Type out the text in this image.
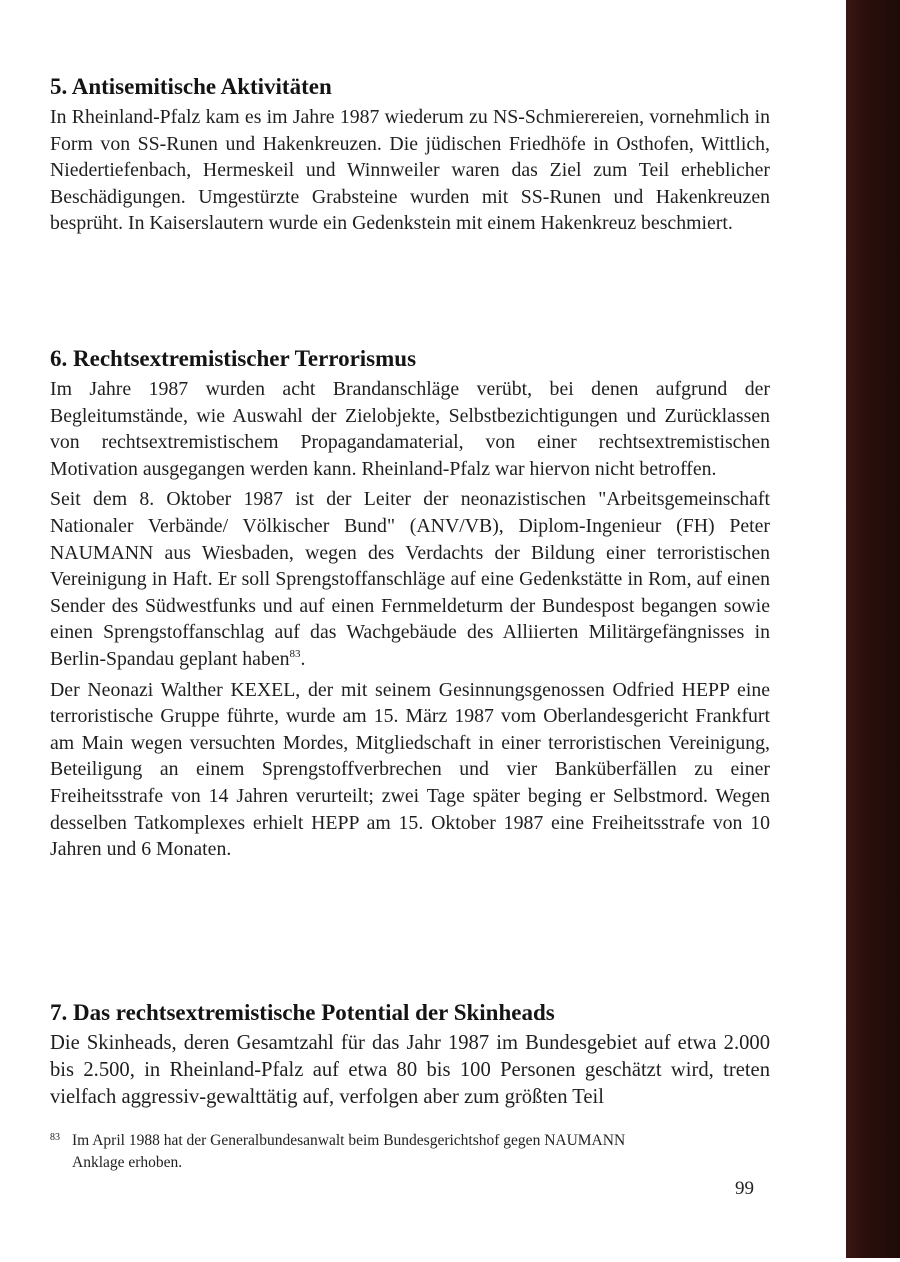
5. Antisemitische Aktivitäten

In Rheinland-Pfalz kam es im Jahre 1987 wiederum zu NS-Schmierereien, vornehmlich in Form von SS-Runen und Hakenkreuzen. Die jüdischen Friedhöfe in Osthofen, Wittlich, Niedertiefenbach, Hermeskeil und Winnweiler waren das Ziel zum Teil erheblicher Beschädigungen. Umgestürzte Grabsteine wurden mit SS-Runen und Hakenkreuzen besprüht. In Kaiserslautern wurde ein Gedenkstein mit einem Hakenkreuz beschmiert.

6. Rechtsextremistischer Terrorismus

Im Jahre 1987 wurden acht Brandanschläge verübt, bei denen aufgrund der Begleitumstände, wie Auswahl der Zielobjekte, Selbstbezichtigungen und Zurücklassen von rechtsextremistischem Propagandamaterial, von einer rechtsextremistischen Motivation ausgegangen werden kann. Rheinland-Pfalz war hiervon nicht betroffen.

Seit dem 8. Oktober 1987 ist der Leiter der neonazistischen "Arbeitsgemeinschaft Nationaler Verbände/ Völkischer Bund" (ANV/VB), Diplom-Ingenieur (FH) Peter NAUMANN aus Wiesbaden, wegen des Verdachts der Bildung einer terroristischen Vereinigung in Haft. Er soll Sprengstoffanschläge auf eine Gedenkstätte in Rom, auf einen Sender des Südwestfunks und auf einen Fernmeldeturm der Bundespost begangen sowie einen Sprengstoffanschlag auf das Wachgebäude des Alliierten Militärgefängnisses in Berlin-Spandau geplant haben$^{83}$.

Der Neonazi Walther KEXEL, der mit seinem Gesinnungsgenossen Odfried HEPP eine terroristische Gruppe führte, wurde am 15. März 1987 vom Oberlandesgericht Frankfurt am Main wegen versuchten Mordes, Mitgliedschaft in einer terroristischen Vereinigung, Beteiligung an einem Sprengstoffverbrechen und vier Banküberfällen zu einer Freiheitsstrafe von 14 Jahren verurteilt; zwei Tage später beging er Selbstmord. Wegen desselben Tatkomplexes erhielt HEPP am 15. Oktober 1987 eine Freiheitsstrafe von 10 Jahren und 6 Monaten.

7. Das rechtsextremistische Potential der Skinheads

Die Skinheads, deren Gesamtzahl für das Jahr 1987 im Bundesgebiet auf etwa 2.000 bis 2.500, in Rheinland-Pfalz auf etwa 80 bis 100 Personen geschätzt wird, treten vielfach aggressiv-gewalttätig auf, verfolgen aber zum größten Teil

83 Im April 1988 hat der Generalbundesanwalt beim Bundesgerichtshof gegen NAUMANN
Anklage erhoben.
99
